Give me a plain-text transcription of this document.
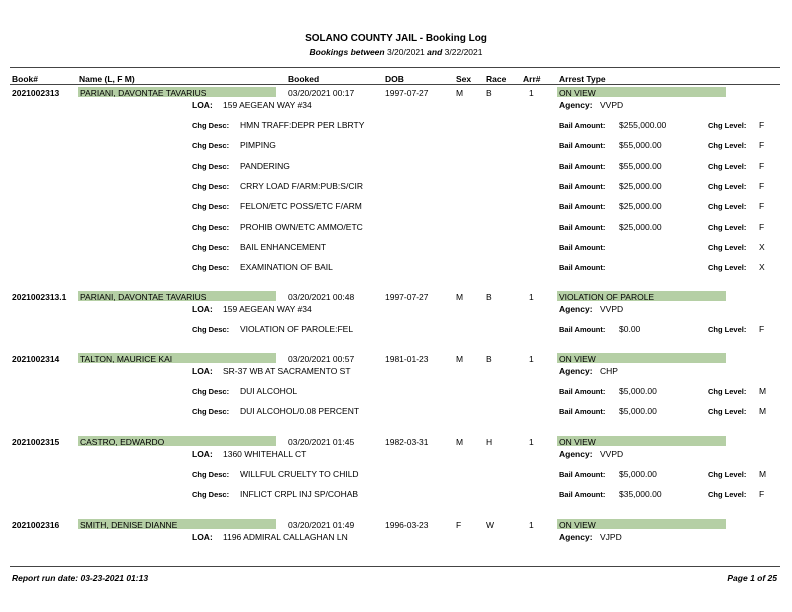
SOLANO COUNTY JAIL - Booking Log
Bookings between 3/20/2021 and 3/22/2021
Book#	Name (L, F M)	Booked	DOB	Sex Race Arr# Arrest Type
2021002313 PARIANI, DAVONTAE TAVARIUS	03/20/2021 00:17	1997-07-27	M	B	1	ON VIEW
LOA: 159 AEGEAN WAY #34	Agency: VVPD
Chg Desc: HMN TRAFF:DEPR PER LBRTY	Bail Amount: $255,000.00	Chg Level: F
Chg Desc: PIMPING	Bail Amount: $55,000.00	Chg Level: F
Chg Desc: PANDERING	Bail Amount: $55,000.00	Chg Level: F
Chg Desc: CRRY LOAD F/ARM:PUB:S/CIR	Bail Amount: $25,000.00	Chg Level: F
Chg Desc: FELON/ETC POSS/ETC F/ARM	Bail Amount: $25,000.00	Chg Level: F
Chg Desc: PROHIB OWN/ETC AMMO/ETC	Bail Amount: $25,000.00	Chg Level: F
Chg Desc: BAIL ENHANCEMENT	Bail Amount:	Chg Level: X
Chg Desc: EXAMINATION OF BAIL	Bail Amount:	Chg Level: X
2021002313.1 PARIANI, DAVONTAE TAVARIUS	03/20/2021 00:48	1997-07-27	M	B	1	VIOLATION OF PAROLE
LOA: 159 AEGEAN WAY #34	Agency: VVPD
Chg Desc: VIOLATION OF PAROLE:FEL	Bail Amount: $0.00	Chg Level: F
2021002314 TALTON, MAURICE KAI	03/20/2021 00:57	1981-01-23	M	B	1	ON VIEW
LOA: SR-37 WB AT SACRAMENTO ST	Agency: CHP
Chg Desc: DUI ALCOHOL	Bail Amount: $5,000.00	Chg Level: M
Chg Desc: DUI ALCOHOL/0.08 PERCENT	Bail Amount: $5,000.00	Chg Level: M
2021002315 CASTRO, EDWARDO	03/20/2021 01:45	1982-03-31	M	H	1	ON VIEW
LOA: 1360 WHITEHALL CT	Agency: VVPD
Chg Desc: WILLFUL CRUELTY TO CHILD	Bail Amount: $5,000.00	Chg Level: M
Chg Desc: INFLICT CRPL INJ SP/COHAB	Bail Amount: $35,000.00	Chg Level: F
2021002316 SMITH, DENISE DIANNE	03/20/2021 01:49	1996-03-23	F	W	1	ON VIEW
LOA: 1196 ADMIRAL CALLAGHAN LN	Agency: VJPD
Report run date: 03-23-2021 01:13	Page 1 of 25
